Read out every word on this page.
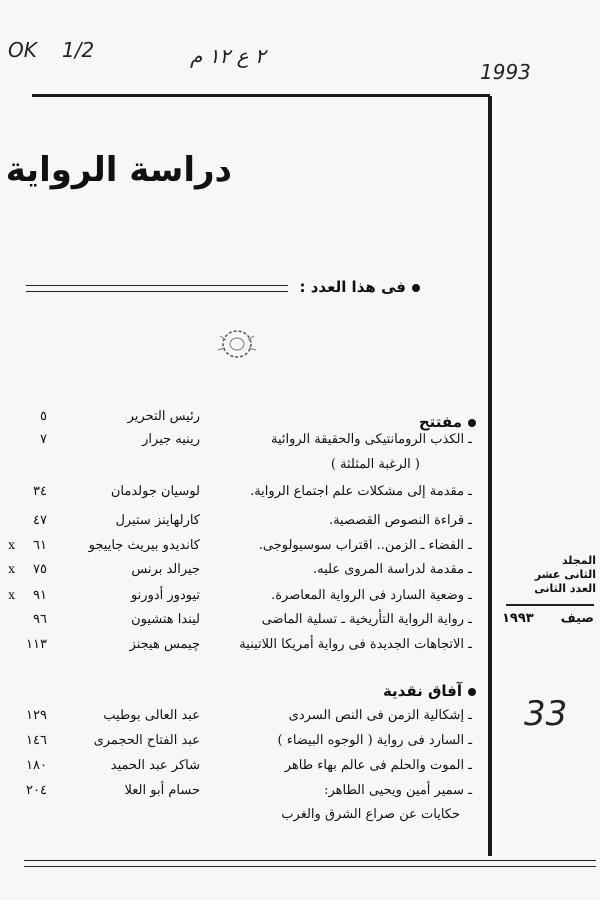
OK 1/2	٢ ع ١٢ م
1993
دراسة الرواية
فى هذا العدد :
المجلد
الثانى عشر
العدد الثانى
صيف
١٩٩٣
مفتتح
رئيس التحرير
٥
ـ الكذب الرومانتيكى والحقيقة الروائية
رينيه جيرار
٧
( الرغبة المثلثة )
ـ مقدمة إلى مشكلات علم اجتماع الرواية.
لوسيان جولدمان
٣٤
ـ قراءة النصوص القصصية.
كارلهاينز ستيرل
٤٧
ـ الفضاء ـ الزمن.. اقتراب سوسيولوجى.
كانديدو بيريث جاييجو
٦١
x
ـ مقدمة لدراسة المروى عليه.
جيرالد برنس
٧٥
x
ـ وضعية السارد فى الرواية المعاصرة.
تيودور أدورنو
٩١
x
ـ رواية الرواية التأريخية ـ تسلية الماضى
ليندا هتشيون
٩٦
ـ الاتجاهات الجديدة فى رواية أمريكا اللاتينية
چيمس هيجنز
١١٣
آفاق نقدية
ـ إشكالية الزمن فى النص السردى
عبد العالى بوطيب
١٢٩
ـ السارد فى رواية ( الوجوه البيضاء )
عبد الفتاح الحجمرى
١٤٦
ـ الموت والحلم فى عالم بهاء طاهر
شاكر عبد الحميد
١٨٠
ـ سمير أمين ويحيى الطاهر:
حسام أبو العلا
٢٠٤
حكايات عن صراع الشرق والغرب
33
